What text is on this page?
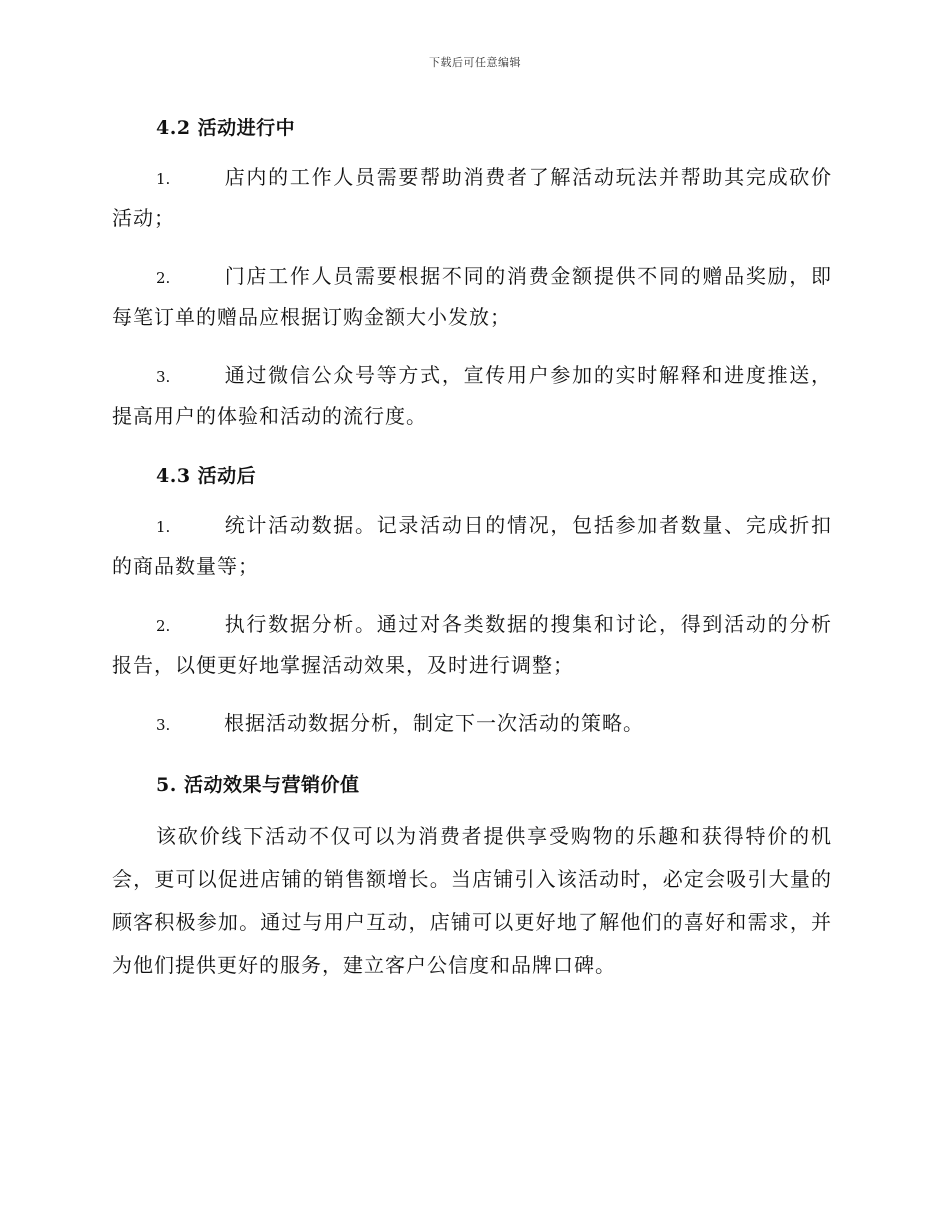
下载后可任意编辑
4.2 活动进行中
1.	店内的工作人员需要帮助消费者了解活动玩法并帮助其完成砍价活动；
2.	门店工作人员需要根据不同的消费金额提供不同的赠品奖励，即每笔订单的赠品应根据订购金额大小发放；
3.	通过微信公众号等方式，宣传用户参加的实时解释和进度推送，提高用户的体验和活动的流行度。
4.3 活动后
1.	统计活动数据。记录活动日的情况，包括参加者数量、完成折扣的商品数量等；
2.	执行数据分析。通过对各类数据的搜集和讨论，得到活动的分析报告，以便更好地掌握活动效果，及时进行调整；
3.	根据活动数据分析，制定下一次活动的策略。
5. 活动效果与营销价值
该砍价线下活动不仅可以为消费者提供享受购物的乐趣和获得特价的机会，更可以促进店铺的销售额增长。当店铺引入该活动时，必定会吸引大量的顾客积极参加。通过与用户互动，店铺可以更好地了解他们的喜好和需求，并为他们提供更好的服务，建立客户公信度和品牌口碑。
